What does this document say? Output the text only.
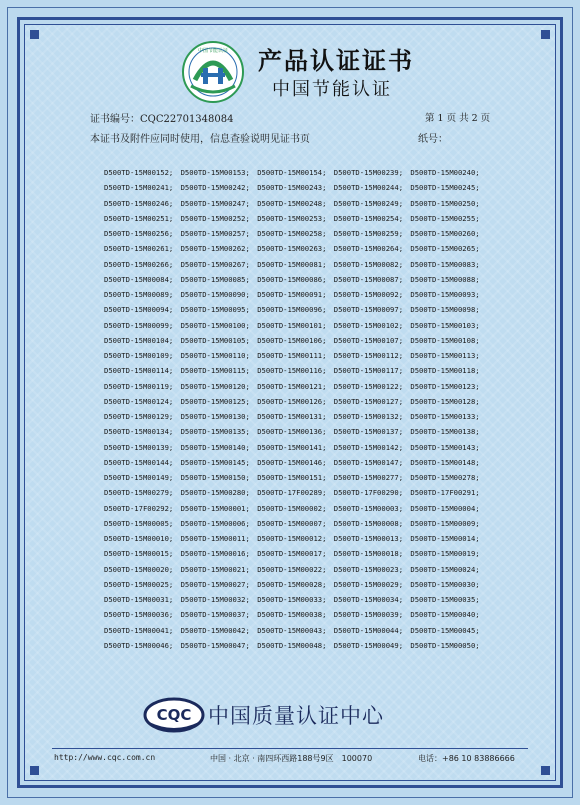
中国节能认证 产品认证证书
中国节能认证
证书编号：CQC22701348084	第 1 页 共 2 页
本证书及附件应同时使用，信息查验说明见证书页	纸号：
D500TD-15M00152; D500TD-15M00153; D500TD-15M00154; D500TD-15M00239; D500TD-15M00240;
D500TD-15M00241; D500TD-15M00242; D500TD-15M00243; D500TD-15M00244; D500TD-15M00245;
D500TD-15M00246; D500TD-15M00247; D500TD-15M00248; D500TD-15M00249; D500TD-15M00250;
D500TD-15M00251; D500TD-15M00252; D500TD-15M00253; D500TD-15M00254; D500TD-15M00255;
D500TD-15M00256; D500TD-15M00257; D500TD-15M00258; D500TD-15M00259; D500TD-15M00260;
D500TD-15M00261; D500TD-15M00262; D500TD-15M00263; D500TD-15M00264; D500TD-15M00265;
D500TD-15M00266; D500TD-15M00267; D500TD-15M00081; D500TD-15M00082; D500TD-15M00083;
D500TD-15M00084; D500TD-15M00085; D500TD-15M00086; D500TD-15M00087; D500TD-15M00088;
D500TD-15M00089; D500TD-15M00090; D500TD-15M00091; D500TD-15M00092; D500TD-15M00093;
D500TD-15M00094; D500TD-15M00095; D500TD-15M00096; D500TD-15M00097; D500TD-15M00098;
D500TD-15M00099; D500TD-15M00100; D500TD-15M00101; D500TD-15M00102; D500TD-15M00103;
D500TD-15M00104; D500TD-15M00105; D500TD-15M00106; D500TD-15M00107; D500TD-15M00108;
D500TD-15M00109; D500TD-15M00110; D500TD-15M00111; D500TD-15M00112; D500TD-15M00113;
D500TD-15M00114; D500TD-15M00115; D500TD-15M00116; D500TD-15M00117; D500TD-15M00118;
D500TD-15M00119; D500TD-15M00120; D500TD-15M00121; D500TD-15M00122; D500TD-15M00123;
D500TD-15M00124; D500TD-15M00125; D500TD-15M00126; D500TD-15M00127; D500TD-15M00128;
D500TD-15M00129; D500TD-15M00130; D500TD-15M00131; D500TD-15M00132; D500TD-15M00133;
D500TD-15M00134; D500TD-15M00135; D500TD-15M00136; D500TD-15M00137; D500TD-15M00138;
D500TD-15M00139; D500TD-15M00140; D500TD-15M00141; D500TD-15M00142; D500TD-15M00143;
D500TD-15M00144; D500TD-15M00145; D500TD-15M00146; D500TD-15M00147; D500TD-15M00148;
D500TD-15M00149; D500TD-15M00150; D500TD-15M00151; D500TD-15M00277; D500TD-15M00278;
D500TD-15M00279; D500TD-15M00280; D500TD-17F00289; D500TD-17F00290; D500TD-17F00291;
D500TD-17F00292; D500TD-15M00001; D500TD-15M00002; D500TD-15M00003; D500TD-15M00004;
D500TD-15M00005; D500TD-15M00006; D500TD-15M00007; D500TD-15M00008; D500TD-15M00009;
D500TD-15M00010; D500TD-15M00011; D500TD-15M00012; D500TD-15M00013; D500TD-15M00014;
D500TD-15M00015; D500TD-15M00016; D500TD-15M00017; D500TD-15M00018; D500TD-15M00019;
D500TD-15M00020; D500TD-15M00021; D500TD-15M00022; D500TD-15M00023; D500TD-15M00024;
D500TD-15M00025; D500TD-15M00027; D500TD-15M00028; D500TD-15M00029; D500TD-15M00030;
D500TD-15M00031; D500TD-15M00032; D500TD-15M00033; D500TD-15M00034; D500TD-15M00035;
D500TD-15M00036; D500TD-15M00037; D500TD-15M00038; D500TD-15M00039; D500TD-15M00040;
D500TD-15M00041; D500TD-15M00042; D500TD-15M00043; D500TD-15M00044; D500TD-15M00045;
D500TD-15M00046; D500TD-15M00047; D500TD-15M00048; D500TD-15M00049; D500TD-15M00050;
CQC 中国质量认证中心
http://www.cqc.com.cn	中国 · 北京 · 南四环西路188号9区　100070	电话：+86 10 83886666
